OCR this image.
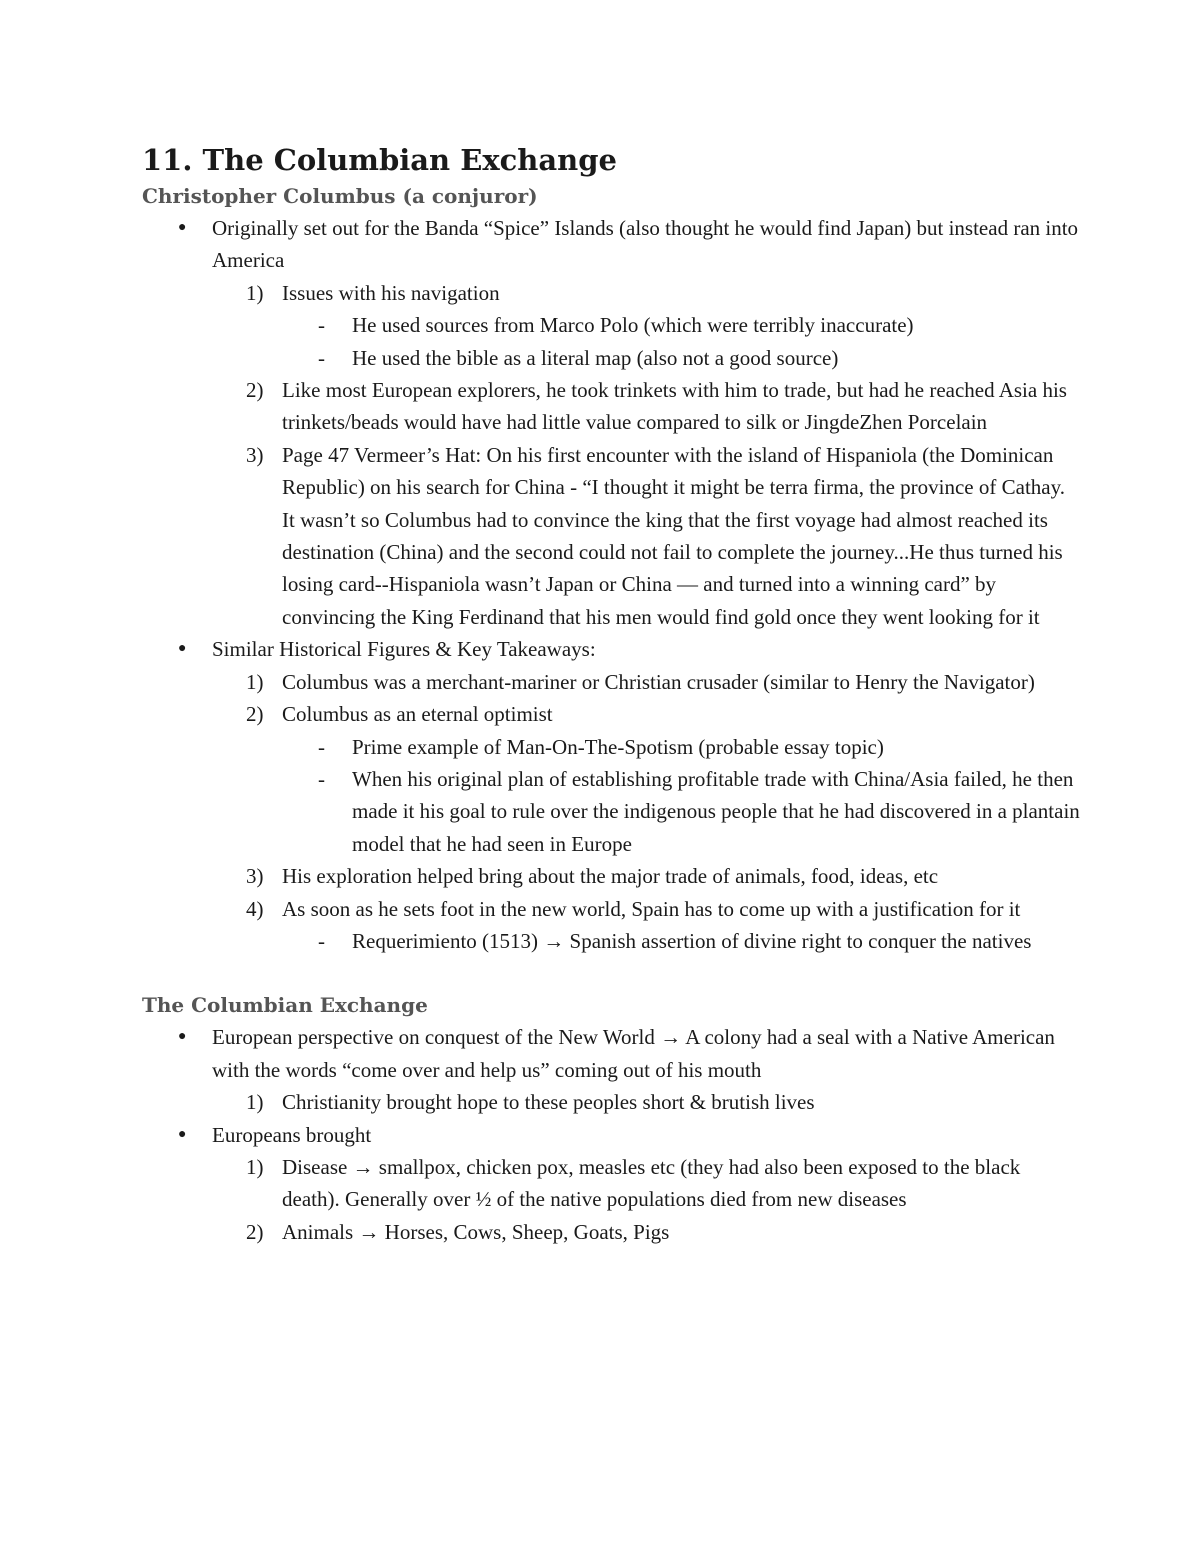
11. The Columbian Exchange
Christopher Columbus (a conjuror)
● Originally set out for the Banda “Spice” Islands (also thought he would find Japan) but instead ran into America
1) Issues with his navigation
- He used sources from Marco Polo (which were terribly inaccurate)
- He used the bible as a literal map (also not a good source)
2) Like most European explorers, he took trinkets with him to trade, but had he reached Asia his trinkets/beads would have had little value compared to silk or JingdeZhen Porcelain
3) Page 47 Vermeer’s Hat: On his first encounter with the island of Hispaniola (the Dominican Republic) on his search for China - “I thought it might be terra firma, the province of Cathay. It wasn’t so Columbus had to convince the king that the first voyage had almost reached its destination (China) and the second could not fail to complete the journey...He thus turned his losing card--Hispaniola wasn’t Japan or China — and turned into a winning card” by convincing the King Ferdinand that his men would find gold once they went looking for it
● Similar Historical Figures & Key Takeaways:
1) Columbus was a merchant-mariner or Christian crusader (similar to Henry the Navigator)
2) Columbus as an eternal optimist
- Prime example of Man-On-The-Spotism (probable essay topic)
- When his original plan of establishing profitable trade with China/Asia failed, he then made it his goal to rule over the indigenous people that he had discovered in a plantain model that he had seen in Europe
3) His exploration helped bring about the major trade of animals, food, ideas, etc
4) As soon as he sets foot in the new world, Spain has to come up with a justification for it
- Requerimiento (1513) → Spanish assertion of divine right to conquer the natives
The Columbian Exchange
● European perspective on conquest of the New World → A colony had a seal with a Native American with the words “come over and help us” coming out of his mouth
1) Christianity brought hope to these peoples short & brutish lives
● Europeans brought
1) Disease → smallpox, chicken pox, measles etc (they had also been exposed to the black death). Generally over ½ of the native populations died from new diseases
2) Animals → Horses, Cows, Sheep, Goats, Pigs
